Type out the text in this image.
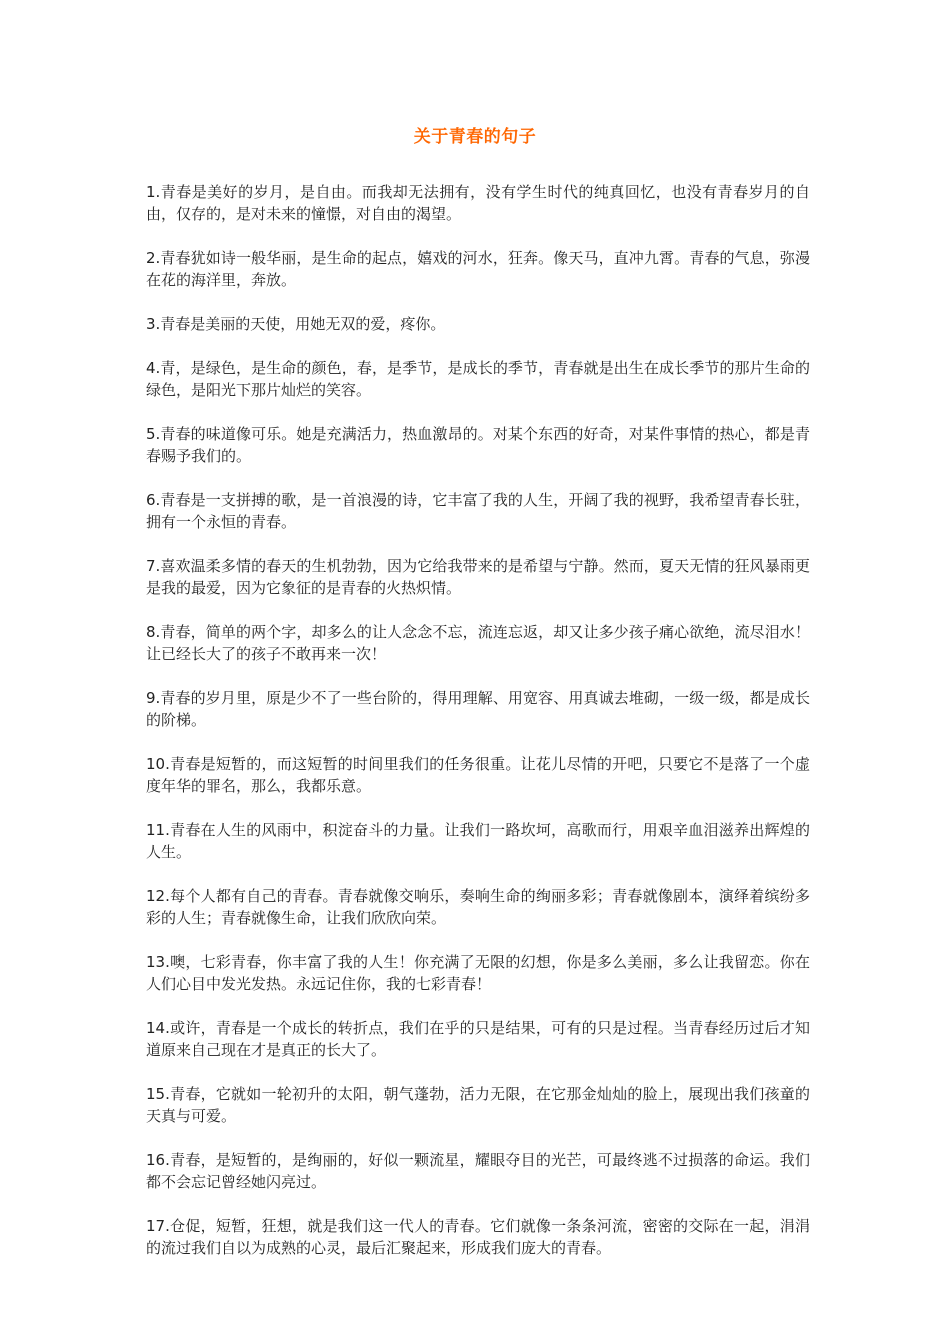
关于青春的句子

1.青春是美好的岁月，是自由。而我却无法拥有，没有学生时代的纯真回忆，也没有青春岁月的自由，仅存的，是对未来的憧憬，对自由的渴望。

2.青春犹如诗一般华丽，是生命的起点，嬉戏的河水，狂奔。像天马，直冲九霄。青春的气息，弥漫在花的海洋里，奔放。

3.青春是美丽的天使，用她无双的爱，疼你。

4.青，是绿色，是生命的颜色，春，是季节，是成长的季节，青春就是出生在成长季节的那片生命的绿色，是阳光下那片灿烂的笑容。

5.青春的味道像可乐。她是充满活力，热血激昂的。对某个东西的好奇，对某件事情的热心，都是青春赐予我们的。

6.青春是一支拼搏的歌，是一首浪漫的诗，它丰富了我的人生，开阔了我的视野，我希望青春长驻，拥有一个永恒的青春。

7.喜欢温柔多情的春天的生机勃勃，因为它给我带来的是希望与宁静。然而，夏天无情的狂风暴雨更是我的最爱，因为它象征的是青春的火热炽情。

8.青春，简单的两个字，却多么的让人念念不忘，流连忘返，却又让多少孩子痛心欲绝，流尽泪水！让已经长大了的孩子不敢再来一次！

9.青春的岁月里，原是少不了一些台阶的，得用理解、用宽容、用真诚去堆砌，一级一级，都是成长的阶梯。

10.青春是短暂的，而这短暂的时间里我们的任务很重。让花儿尽情的开吧，只要它不是落了一个虚度年华的罪名，那么，我都乐意。

11.青春在人生的风雨中，积淀奋斗的力量。让我们一路坎坷，高歌而行，用艰辛血泪滋养出辉煌的人生。

12.每个人都有自己的青春。青春就像交响乐，奏响生命的绚丽多彩；青春就像剧本，演绎着缤纷多彩的人生；青春就像生命，让我们欣欣向荣。

13.噢，七彩青春，你丰富了我的人生！你充满了无限的幻想，你是多么美丽，多么让我留恋。你在人们心目中发光发热。永远记住你，我的七彩青春！

14.或许，青春是一个成长的转折点，我们在乎的只是结果，可有的只是过程。当青春经历过后才知道原来自己现在才是真正的长大了。

15.青春，它就如一轮初升的太阳，朝气蓬勃，活力无限，在它那金灿灿的脸上，展现出我们孩童的天真与可爱。

16.青春，是短暂的，是绚丽的，好似一颗流星，耀眼夺目的光芒，可最终逃不过损落的命运。我们都不会忘记曾经她闪亮过。

17.仓促，短暂，狂想，就是我们这一代人的青春。它们就像一条条河流，密密的交际在一起，涓涓的流过我们自以为成熟的心灵，最后汇聚起来，形成我们庞大的青春。
